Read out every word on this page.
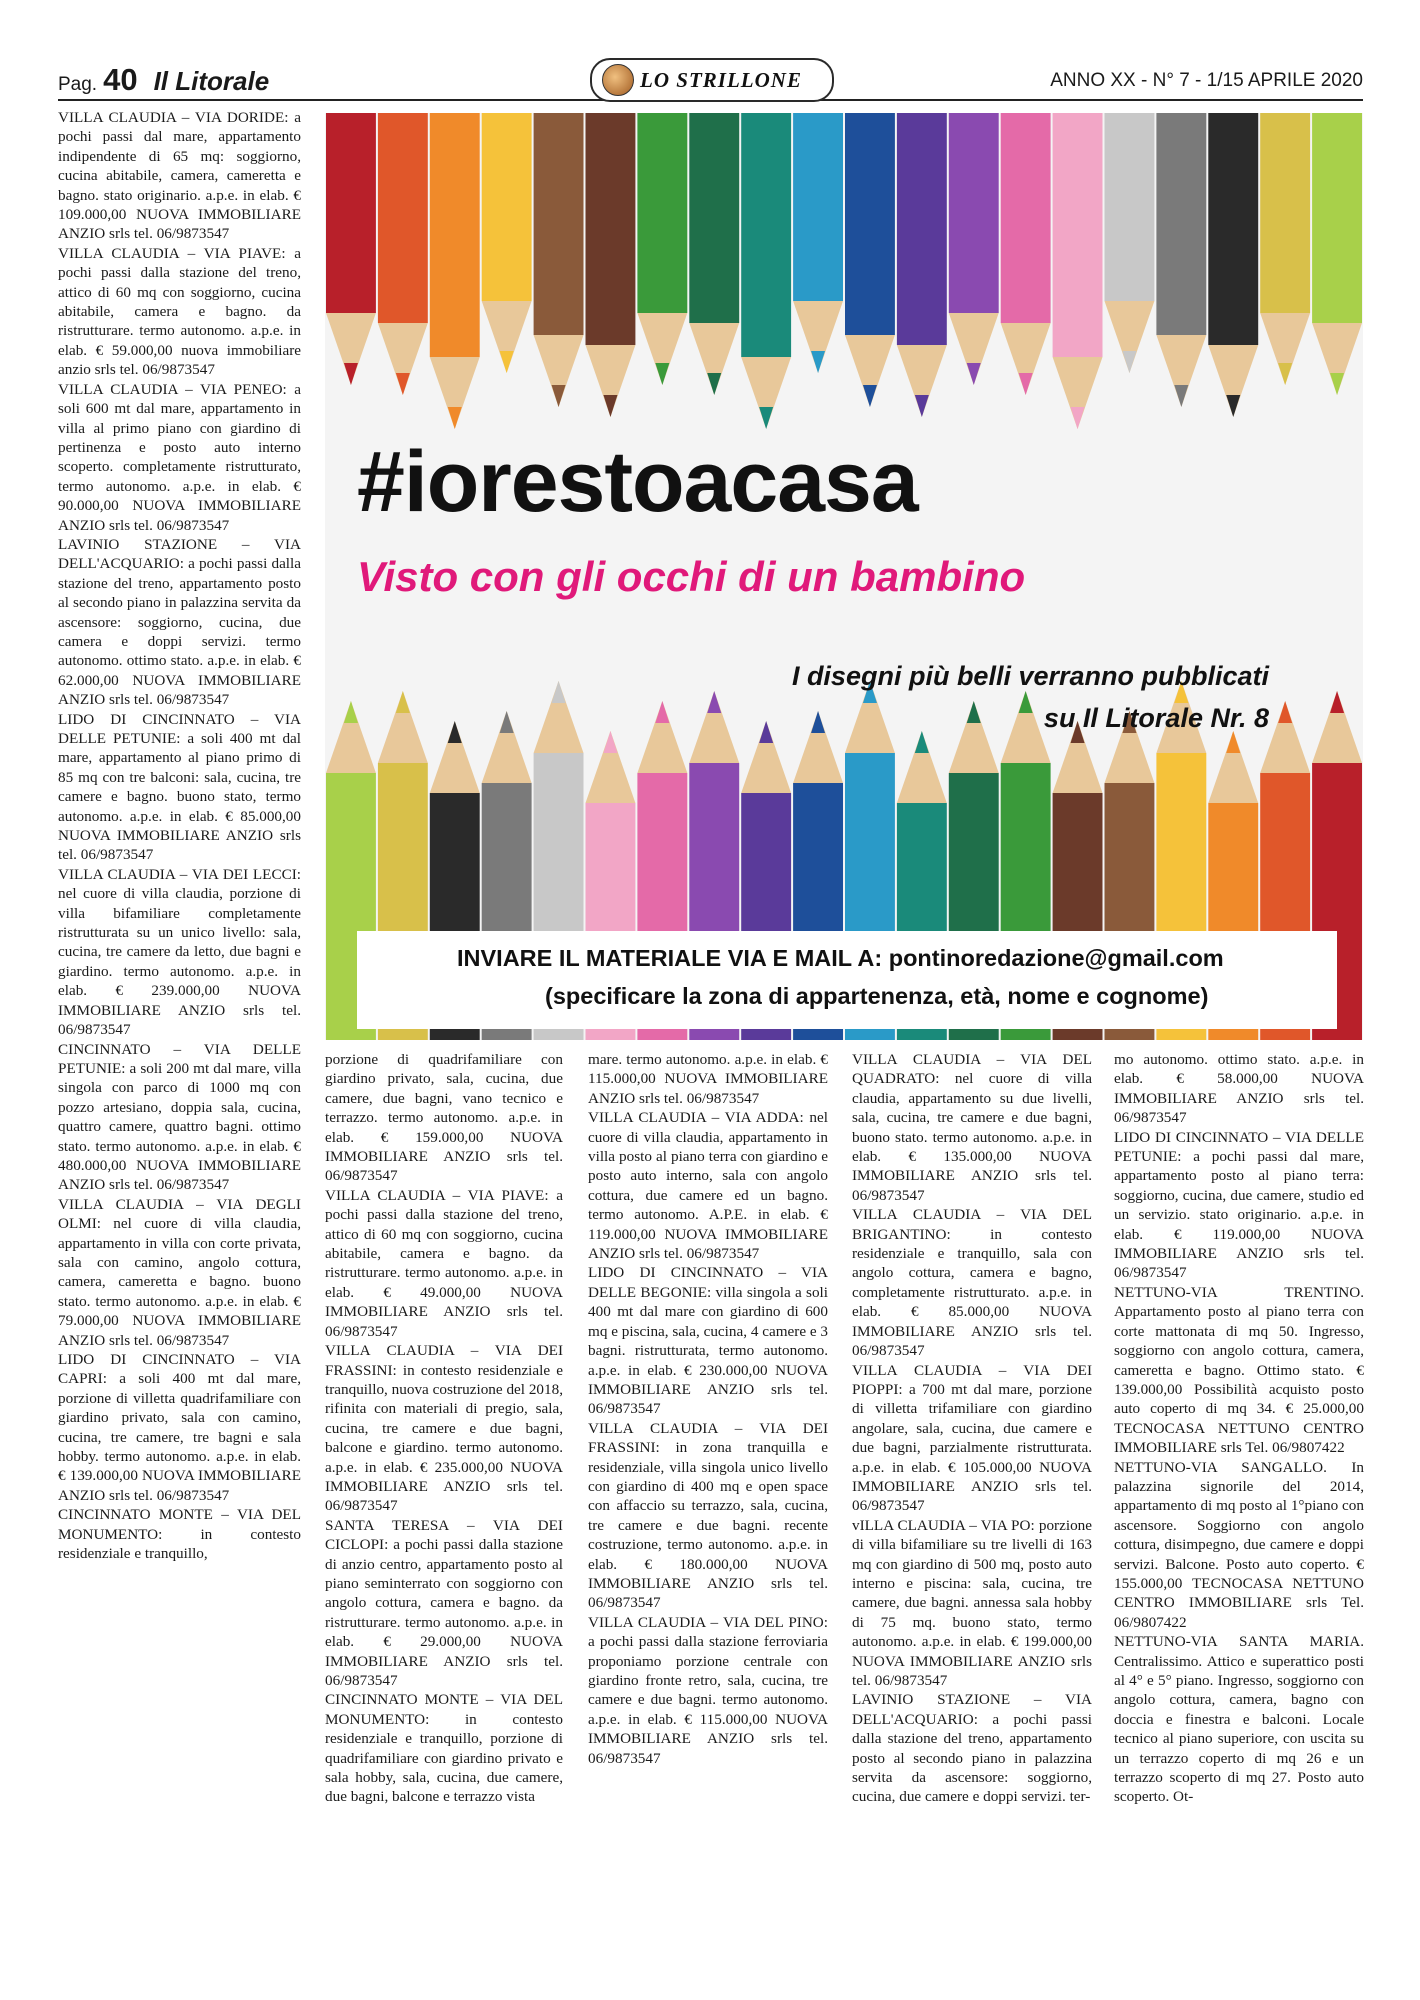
Pag. 40 Il Litorale	ANNO XX - N° 7 - 1/15 APRILE 2020
LO STRILLONE

VILLA CLAUDIA – VIA DORIDE: a pochi passi dal mare, appartamento indipendente di 65 mq: soggiorno, cucina abitabile, camera, cameretta e bagno. stato originario. a.p.e. in elab. € 109.000,00 NUOVA IMMOBILIARE ANZIO srls tel. 06/9873547

VILLA CLAUDIA – VIA PIAVE: a pochi passi dalla stazione del treno, attico di 60 mq con soggiorno, cucina abitabile, camera e bagno. da ristrutturare. termo autonomo. a.p.e. in elab. € 59.000,00 nuova immobiliare anzio srls tel. 06/9873547

VILLA CLAUDIA – VIA PENEO: a soli 600 mt dal mare, appartamento in villa al primo piano con giardino di pertinenza e posto auto interno scoperto. completamente ristrutturato, termo autonomo. a.p.e. in elab. € 90.000,00 NUOVA IMMOBILIARE ANZIO srls tel. 06/9873547

LAVINIO STAZIONE – VIA DELL'ACQUARIO: a pochi passi dalla stazione del treno, appartamento posto al secondo piano in palazzina servita da ascensore: soggiorno, cucina, due camera e doppi servizi. termo autonomo. ottimo stato. a.p.e. in elab. € 62.000,00 NUOVA IMMOBILIARE ANZIO srls tel. 06/9873547

LIDO DI CINCINNATO – VIA DELLE PETUNIE: a soli 400 mt dal mare, appartamento al piano primo di 85 mq con tre balconi: sala, cucina, tre camere e bagno. buono stato, termo autonomo. a.p.e. in elab. € 85.000,00 NUOVA IMMOBILIARE ANZIO srls tel. 06/9873547

VILLA CLAUDIA – VIA DEI LECCI: nel cuore di villa claudia, porzione di villa bifamiliare completamente ristrutturata su un unico livello: sala, cucina, tre camere da letto, due bagni e giardino. termo autonomo. a.p.e. in elab. € 239.000,00 NUOVA IMMOBILIARE ANZIO srls tel. 06/9873547

CINCINNATO – VIA DELLE PETUNIE: a soli 200 mt dal mare, villa singola con parco di 1000 mq con pozzo artesiano, doppia sala, cucina, quattro camere, quattro bagni. ottimo stato. termo autonomo. a.p.e. in elab. € 480.000,00 NUOVA IMMOBILIARE ANZIO srls tel. 06/9873547

VILLA CLAUDIA – VIA DEGLI OLMI: nel cuore di villa claudia, appartamento in villa con corte privata, sala con camino, angolo cottura, camera, cameretta e bagno. buono stato. termo autonomo. a.p.e. in elab. € 79.000,00 NUOVA IMMOBILIARE ANZIO srls tel. 06/9873547

LIDO DI CINCINNATO – VIA CAPRI: a soli 400 mt dal mare, porzione di villetta quadrifamiliare con giardino privato, sala con camino, cucina, tre camere, tre bagni e sala hobby. termo autonomo. a.p.e. in elab. € 139.000,00 NUOVA IMMOBILIARE ANZIO srls tel. 06/9873547

CINCINNATO MONTE – VIA DEL MONUMENTO: in contesto residenziale e tranquillo,

#iorestoacasa
Visto con gli occhi di un bambino
I disegni più belli verranno pubblicati
su Il Litorale Nr. 8
INVIARE IL MATERIALE VIA E MAIL A: pontinoredazione@gmail.com
(specificare la zona di appartenenza, età, nome e cognome)

porzione di quadrifamiliare con giardino privato, sala, cucina, due camere, due bagni, vano tecnico e terrazzo. termo autonomo. a.p.e. in elab. € 159.000,00 NUOVA IMMOBILIARE ANZIO srls tel. 06/9873547

VILLA CLAUDIA – VIA PIAVE: a pochi passi dalla stazione del treno, attico di 60 mq con soggiorno, cucina abitabile, camera e bagno. da ristrutturare. termo autonomo. a.p.e. in elab. € 49.000,00 NUOVA IMMOBILIARE ANZIO srls tel. 06/9873547

VILLA CLAUDIA – VIA DEI FRASSINI: in contesto residenziale e tranquillo, nuova costruzione del 2018, rifinita con materiali di pregio, sala, cucina, tre camere e due bagni, balcone e giardino. termo autonomo. a.p.e. in elab. € 235.000,00 NUOVA IMMOBILIARE ANZIO srls tel. 06/9873547

SANTA TERESA – VIA DEI CICLOPI: a pochi passi dalla stazione di anzio centro, appartamento posto al piano seminterrato con soggiorno con angolo cottura, camera e bagno. da ristrutturare. termo autonomo. a.p.e. in elab. € 29.000,00 NUOVA IMMOBILIARE ANZIO srls tel. 06/9873547

CINCINNATO MONTE – VIA DEL MONUMENTO: in contesto residenziale e tranquillo, porzione di quadrifamiliare con giardino privato e sala hobby, sala, cucina, due camere, due bagni, balcone e terrazzo vista

mare. termo autonomo. a.p.e. in elab. € 115.000,00 NUOVA IMMOBILIARE ANZIO srls tel. 06/9873547

VILLA CLAUDIA – VIA ADDA: nel cuore di villa claudia, appartamento in villa posto al piano terra con giardino e posto auto interno, sala con angolo cottura, due camere ed un bagno. termo autonomo. A.P.E. in elab. € 119.000,00 NUOVA IMMOBILIARE ANZIO srls tel. 06/9873547

LIDO DI CINCINNATO – VIA DELLE BEGONIE: villa singola a soli 400 mt dal mare con giardino di 600 mq e piscina, sala, cucina, 4 camere e 3 bagni. ristrutturata, termo autonomo. a.p.e. in elab. € 230.000,00 NUOVA IMMOBILIARE ANZIO srls tel. 06/9873547

VILLA CLAUDIA – VIA DEI FRASSINI: in zona tranquilla e residenziale, villa singola unico livello con giardino di 400 mq e open space con affaccio su terrazzo, sala, cucina, tre camere e due bagni. recente costruzione, termo autonomo. a.p.e. in elab. € 180.000,00 NUOVA IMMOBILIARE ANZIO srls tel. 06/9873547

VILLA CLAUDIA – VIA DEL PINO: a pochi passi dalla stazione ferroviaria proponiamo porzione centrale con giardino fronte retro, sala, cucina, tre camere e due bagni. termo autonomo. a.p.e. in elab. € 115.000,00 NUOVA IMMOBILIARE ANZIO srls tel. 06/9873547

VILLA CLAUDIA – VIA DEL QUADRATO: nel cuore di villa claudia, appartamento su due livelli, sala, cucina, tre camere e due bagni, buono stato. termo autonomo. a.p.e. in elab. € 135.000,00 NUOVA IMMOBILIARE ANZIO srls tel. 06/9873547

VILLA CLAUDIA – VIA DEL BRIGANTINO: in contesto residenziale e tranquillo, sala con angolo cottura, camera e bagno, completamente ristrutturato. a.p.e. in elab. € 85.000,00 NUOVA IMMOBILIARE ANZIO srls tel. 06/9873547

VILLA CLAUDIA – VIA DEI PIOPPI: a 700 mt dal mare, porzione di villetta trifamiliare con giardino angolare, sala, cucina, due camere e due bagni, parzialmente ristrutturata. a.p.e. in elab. € 105.000,00 NUOVA IMMOBILIARE ANZIO srls tel. 06/9873547

vILLA CLAUDIA – VIA PO: porzione di villa bifamiliare su tre livelli di 163 mq con giardino di 500 mq, posto auto interno e piscina: sala, cucina, tre camere, due bagni. annessa sala hobby di 75 mq. buono stato, termo autonomo. a.p.e. in elab. € 199.000,00 NUOVA IMMOBILIARE ANZIO srls tel. 06/9873547

LAVINIO STAZIONE – VIA DELL'ACQUARIO: a pochi passi dalla stazione del treno, appartamento posto al secondo piano in palazzina servita da ascensore: soggiorno, cucina, due camere e doppi servizi. ter-

mo autonomo. ottimo stato. a.p.e. in elab. € 58.000,00 NUOVA IMMOBILIARE ANZIO srls tel. 06/9873547

LIDO DI CINCINNATO – VIA DELLE PETUNIE: a pochi passi dal mare, appartamento posto al piano terra: soggiorno, cucina, due camere, studio ed un servizio. stato originario. a.p.e. in elab. € 119.000,00 NUOVA IMMOBILIARE ANZIO srls tel. 06/9873547

NETTUNO-VIA TRENTINO. Appartamento posto al piano terra con corte mattonata di mq 50. Ingresso, soggiorno con angolo cottura, camera, cameretta e bagno. Ottimo stato. € 139.000,00 Possibilità acquisto posto auto coperto di mq 34. € 25.000,00 TECNOCASA NETTUNO CENTRO IMMOBILIARE srls Tel. 06/9807422

NETTUNO-VIA SANGALLO. In palazzina signorile del 2014, appartamento di mq posto al 1°piano con ascensore. Soggiorno con angolo cottura, disimpegno, due camere e doppi servizi. Balcone. Posto auto coperto. € 155.000,00 TECNOCASA NETTUNO CENTRO IMMOBILIARE srls Tel. 06/9807422

NETTUNO-VIA SANTA MARIA. Centralissimo. Attico e superattico posti al 4° e 5° piano. Ingresso, soggiorno con angolo cottura, camera, bagno con doccia e finestra e balconi. Locale tecnico al piano superiore, con uscita su un terrazzo coperto di mq 26 e un terrazzo scoperto di mq 27. Posto auto scoperto. Ot-
